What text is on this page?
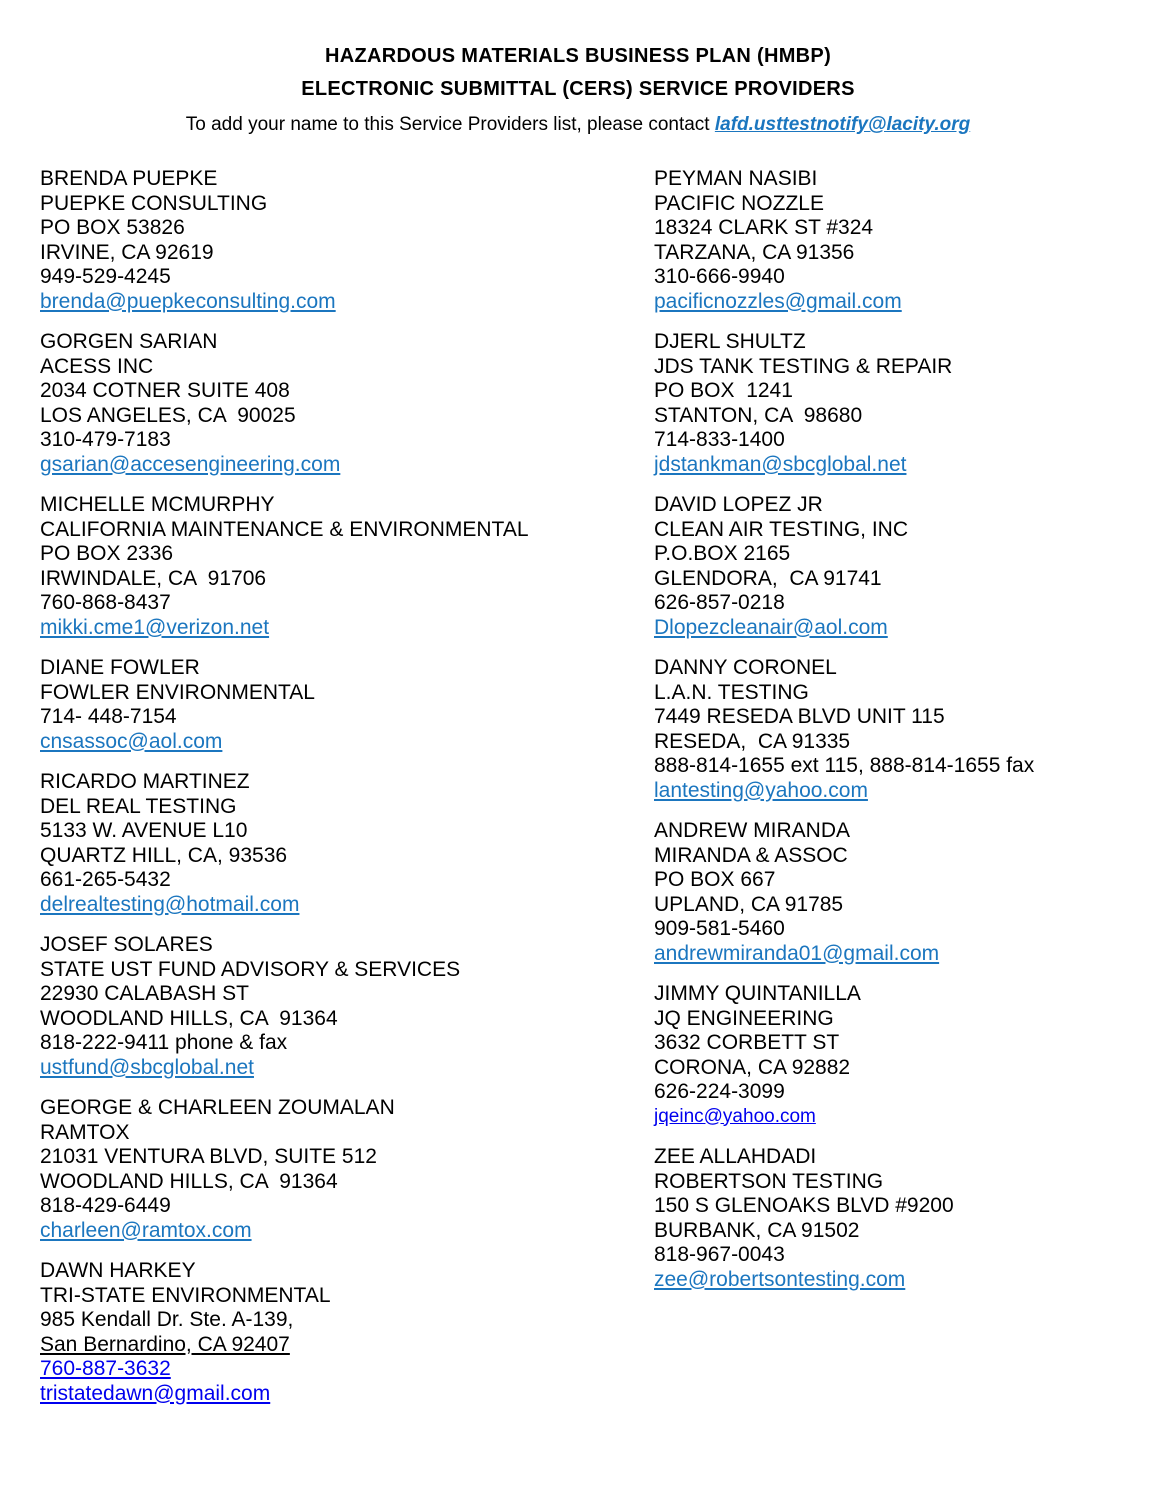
HAZARDOUS MATERIALS BUSINESS PLAN (HMBP)
ELECTRONIC SUBMITTAL (CERS) SERVICE PROVIDERS
To add your name to this Service Providers list, please contact lafd.usttestnotify@lacity.org
BRENDA PUEPKE
PUEPKE CONSULTING
PO BOX 53826
IRVINE, CA 92619
949-529-4245
brenda@puepkeconsulting.com
GORGEN SARIAN
ACESS INC
2034 COTNER SUITE 408
LOS ANGELES, CA  90025
310-479-7183
gsarian@accesengineering.com
MICHELLE MCMURPHY
CALIFORNIA MAINTENANCE & ENVIRONMENTAL
PO BOX 2336
IRWINDALE, CA  91706
760-868-8437
mikki.cme1@verizon.net
DIANE FOWLER
FOWLER ENVIRONMENTAL
714- 448-7154
cnsassoc@aol.com
RICARDO MARTINEZ
DEL REAL TESTING
5133 W. AVENUE L10
QUARTZ HILL, CA, 93536
661-265-5432
delrealtesting@hotmail.com
JOSEF SOLARES
STATE UST FUND ADVISORY & SERVICES
22930 CALABASH ST
WOODLAND HILLS, CA  91364
818-222-9411 phone & fax
ustfund@sbcglobal.net
GEORGE & CHARLEEN ZOUMALAN
RAMTOX
21031 VENTURA BLVD, SUITE 512
WOODLAND HILLS, CA  91364
818-429-6449
charleen@ramtox.com
DAWN HARKEY
TRI-STATE ENVIRONMENTAL
985 Kendall Dr. Ste. A-139,
San Bernardino, CA 92407
760-887-3632
tristatedawn@gmail.com
PEYMAN NASIBI
PACIFIC NOZZLE
18324 CLARK ST #324
TARZANA, CA 91356
310-666-9940
pacificnozzles@gmail.com
DJERL SHULTZ
JDS TANK TESTING & REPAIR
PO BOX  1241
STANTON, CA  98680
714-833-1400
jdstankman@sbcglobal.net
DAVID LOPEZ JR
CLEAN AIR TESTING, INC
P.O.BOX 2165
GLENDORA,  CA 91741
626-857-0218
Dlopezcleanair@aol.com
DANNY CORONEL
L.A.N. TESTING
7449 RESEDA BLVD UNIT 115
RESEDA,  CA 91335
888-814-1655 ext 115, 888-814-1655 fax
lantesting@yahoo.com
ANDREW MIRANDA
MIRANDA & ASSOC
PO BOX 667
UPLAND, CA 91785
909-581-5460
andrewmiranda01@gmail.com
JIMMY QUINTANILLA
JQ ENGINEERING
3632 CORBETT ST
CORONA, CA 92882
626-224-3099
jqeinc@yahoo.com
ZEE ALLAHDADI
ROBERTSON TESTING
150 S GLENOAKS BLVD #9200
BURBANK, CA 91502
818-967-0043
zee@robertsontesting.com
